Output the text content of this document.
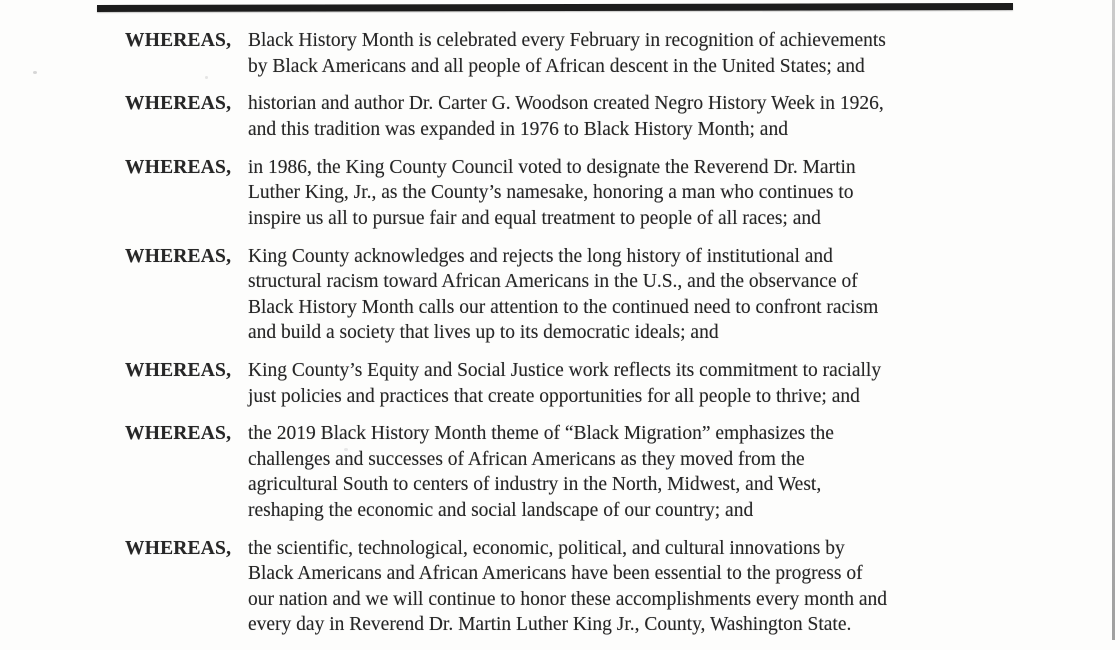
WHEREAS, Black History Month is celebrated every February in recognition of achievements
by Black Americans and all people of African descent in the United States; and

WHEREAS, historian and author Dr. Carter G. Woodson created Negro History Week in 1926,
and this tradition was expanded in 1976 to Black History Month; and

WHEREAS, in 1986, the King County Council voted to designate the Reverend Dr. Martin
Luther King, Jr., as the County’s namesake, honoring a man who continues to
inspire us all to pursue fair and equal treatment to people of all races; and

WHEREAS, King County acknowledges and rejects the long history of institutional and
structural racism toward African Americans in the U.S., and the observance of
Black History Month calls our attention to the continued need to confront racism
and build a society that lives up to its democratic ideals; and

WHEREAS, King County’s Equity and Social Justice work reflects its commitment to racially
just policies and practices that create opportunities for all people to thrive; and

WHEREAS, the 2019 Black History Month theme of “Black Migration” emphasizes the
challenges and successes of African Americans as they moved from the
agricultural South to centers of industry in the North, Midwest, and West,
reshaping the economic and social landscape of our country; and

WHEREAS, the scientific, technological, economic, political, and cultural innovations by
Black Americans and African Americans have been essential to the progress of
our nation and we will continue to honor these accomplishments every month and
every day in Reverend Dr. Martin Luther King Jr., County, Washington State.
